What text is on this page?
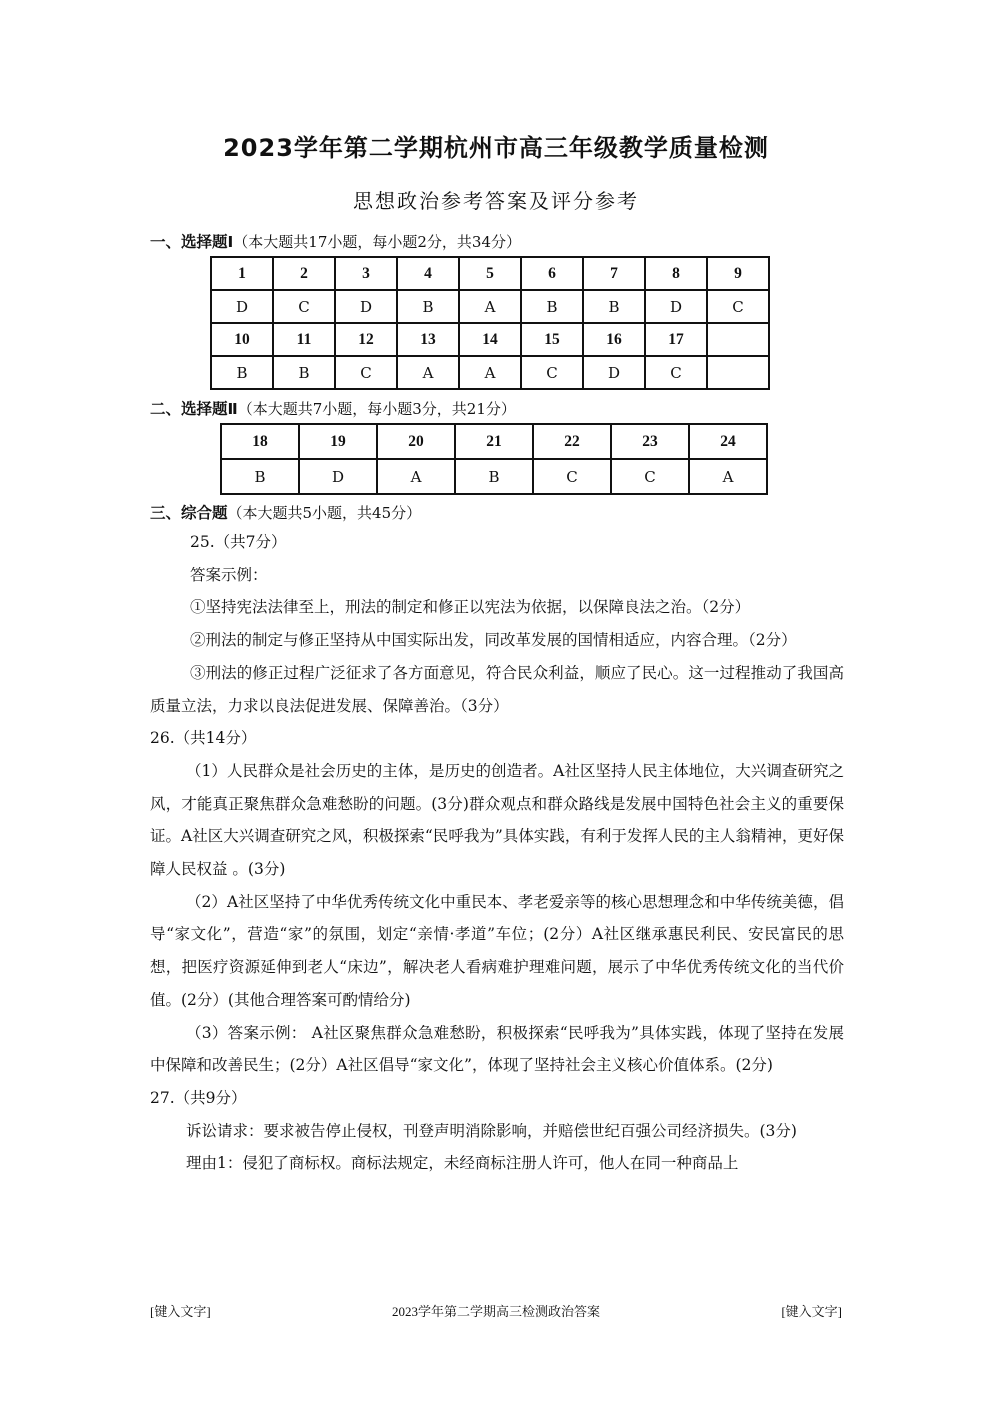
2023学年第二学期杭州市高三年级教学质量检测
思想政治参考答案及评分参考
一、选择题Ⅰ（本大题共17小题，每小题2分，共34分）
1	2	3	4	5	6	7	8	9
D	C	D	B	A	B	B	D	C
10	11	12	13	14	15	16	17	
B	B	C	A	A	C	D	C	
二、选择题Ⅱ（本大题共7小题，每小题3分，共21分）
18	19	20	21	22	23	24
B	D	A	B	C	C	A
三、综合题（本大题共5小题，共45分）

25.（共7分）

答案示例：

①坚持宪法法律至上，刑法的制定和修正以宪法为依据，以保障良法之治。（2分）

②刑法的制定与修正坚持从中国实际出发，同改革发展的国情相适应，内容合理。（2分）

③刑法的修正过程广泛征求了各方面意见，符合民众利益，顺应了民心。这一过程推动了我国高质量立法，力求以良法促进发展、保障善治。（3分）

26.（共14分）

（1）人民群众是社会历史的主体，是历史的创造者。A社区坚持人民主体地位，大兴调查研究之风，才能真正聚焦群众急难愁盼的问题。(3分)群众观点和群众路线是发展中国特色社会主义的重要保证。A社区大兴调查研究之风，积极探索“民呼我为”具体实践，有利于发挥人民的主人翁精神，更好保障人民权益 。(3分)

（2）A社区坚持了中华优秀传统文化中重民本、孝老爱亲等的核心思想理念和中华传统美德，倡导“家文化”，营造“家”的氛围，划定“亲情·孝道”车位；(2分）A社区继承惠民利民、安民富民的思想，把医疗资源延伸到老人“床边”，解决老人看病难护理难问题，展示了中华优秀传统文化的当代价值。(2分）(其他合理答案可酌情给分)

（3）答案示例： A社区聚焦群众急难愁盼，积极探索“民呼我为”具体实践，体现了坚持在发展中保障和改善民生；(2分）A社区倡导“家文化”，体现了坚持社会主义核心价值体系。(2分)

27.（共9分）

诉讼请求：要求被告停止侵权，刊登声明消除影响，并赔偿世纪百强公司经济损失。(3分)

理由1：侵犯了商标权。商标法规定，未经商标注册人许可，他人在同一种商品上

[键入文字]	2023学年第二学期高三检测政治答案	[键入文字]
